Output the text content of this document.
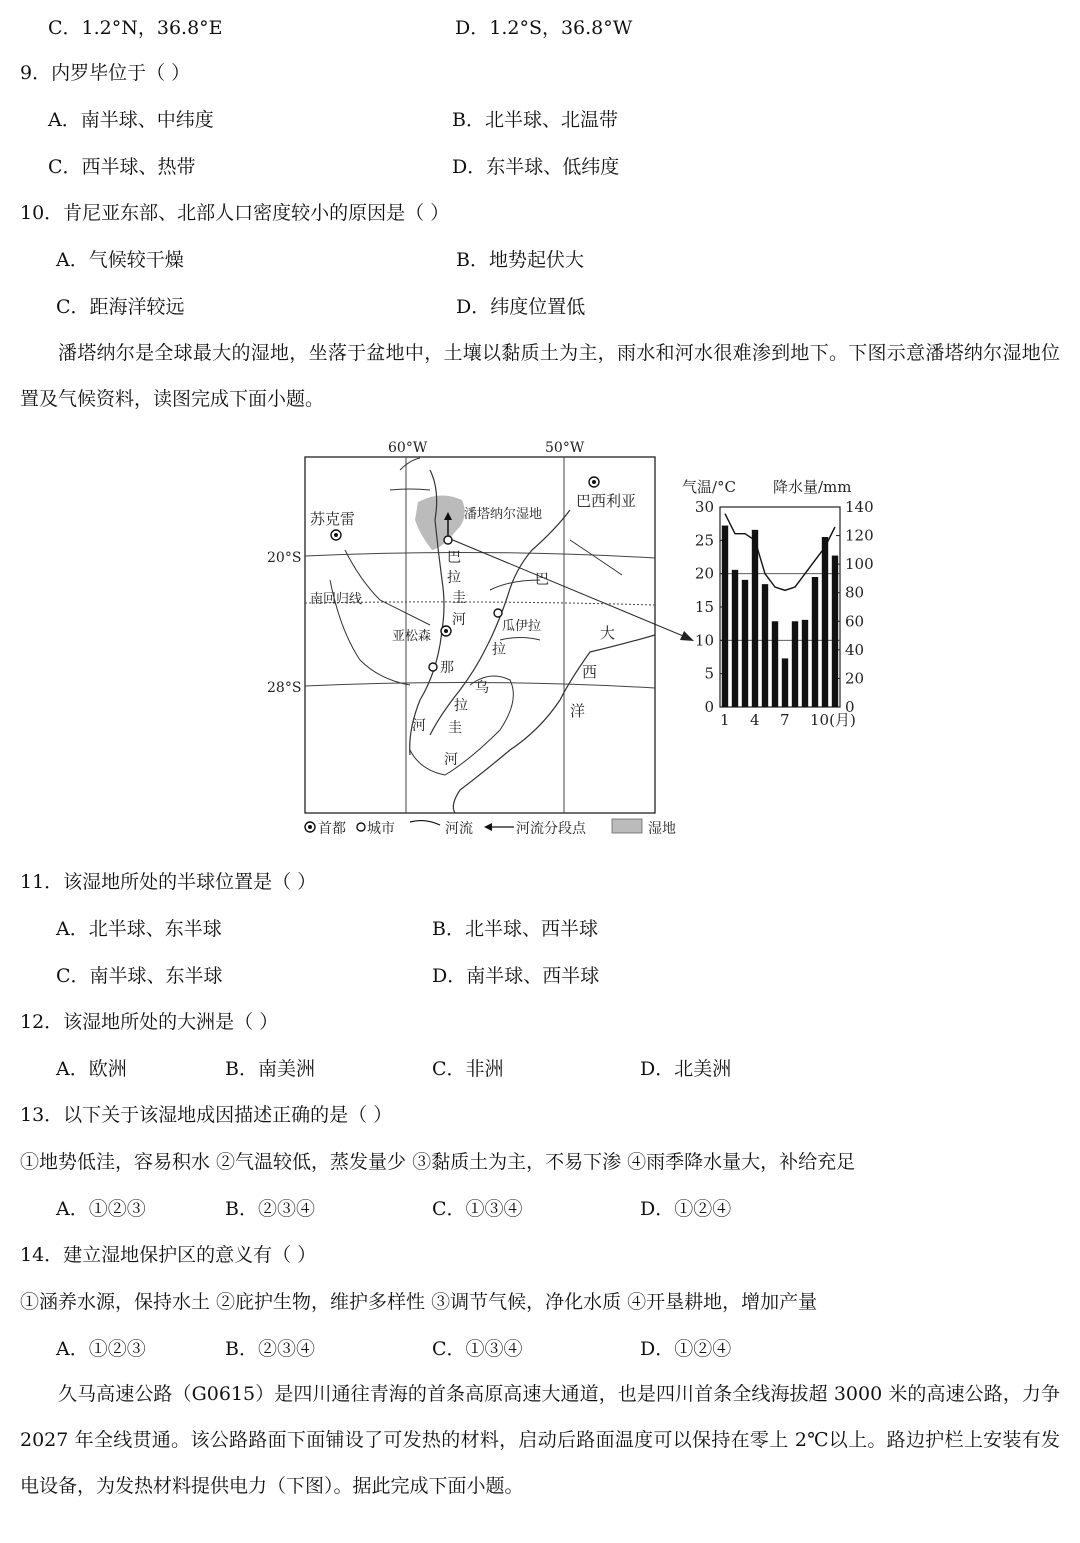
C．1.2°N，36.8°E	D．1.2°S，36.8°W
9．内罗毕位于（ ）
A．南半球、中纬度	B．北半球、北温带
C．西半球、热带	D．东半球、低纬度
10．肯尼亚东部、北部人口密度较小的原因是（ ）
A．气候较干燥	B．地势起伏大
C．距海洋较远	D．纬度位置低
潘塔纳尔是全球最大的湿地，坐落于盆地中，土壤以黏质土为主，雨水和河水很难渗到地下。下图示意潘塔纳尔湿地位置及气候资料，读图完成下面小题。
60°W	50°W
20°S
28°S
南回归线
苏克雷
巴西利亚
潘塔纳尔湿地
亚松森
瓜伊拉
巴
拉
圭
河
巴
拉
那
河
乌
拉
圭
河
大
西
洋
首都 城市	河流	河流分段点	湿地
气温/°C 降水量/mm
0
5
10
15
20
25
30
0
20
40
60
80
100
120
140
1 4 7 10(月)
11．该湿地所处的半球位置是（ ）
A．北半球、东半球	B．北半球、西半球
C．南半球、东半球	D．南半球、西半球
12．该湿地所处的大洲是（ ）
A．欧洲	B．南美洲	C．非洲	D．北美洲
13．以下关于该湿地成因描述正确的是（ ）
①地势低洼，容易积水 ②气温较低，蒸发量少 ③黏质土为主，不易下渗 ④雨季降水量大，补给充足
A．①②③	B．②③④	C．①③④	D．①②④
14．建立湿地保护区的意义有（ ）
①涵养水源，保持水土 ②庇护生物，维护多样性 ③调节气候，净化水质 ④开垦耕地，增加产量
A．①②③	B．②③④	C．①③④	D．①②④
久马高速公路（G0615）是四川通往青海的首条高原高速大通道，也是四川首条全线海拔超 3000 米的高速公路，力争 2027 年全线贯通。该公路路面下面铺设了可发热的材料，启动后路面温度可以保持在零上 2℃以上。路边护栏上安装有发电设备，为发热材料提供电力（下图）。据此完成下面小题。
